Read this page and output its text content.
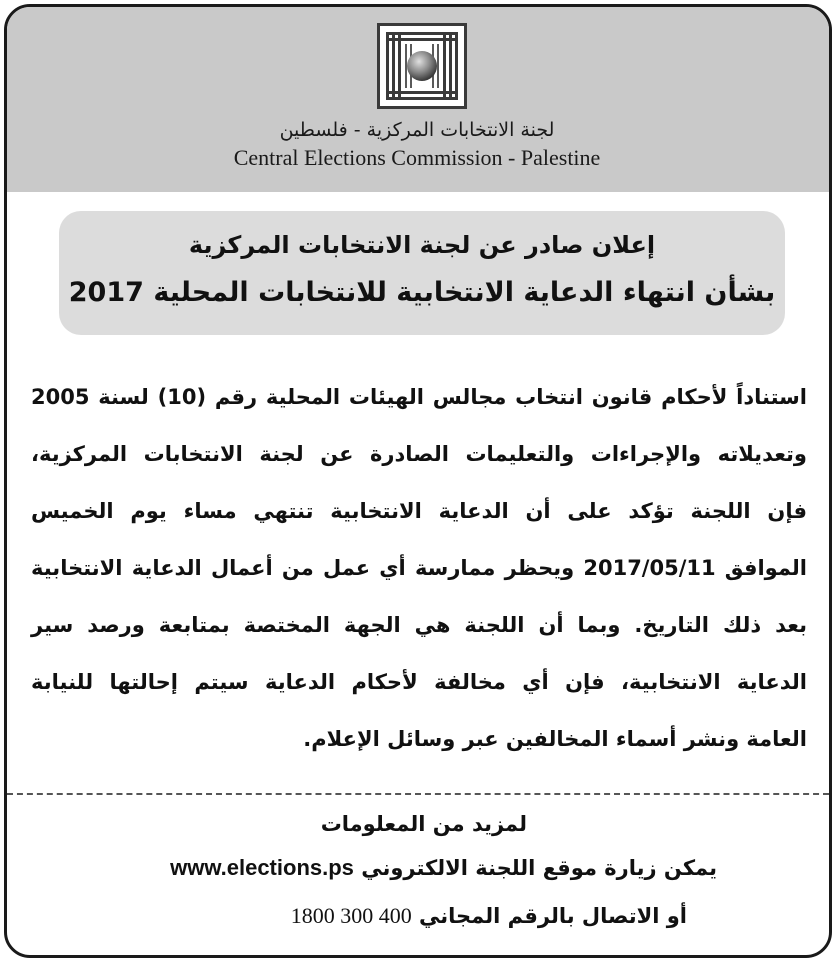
لجنة الانتخابات المركزية - فلسطين
Central Elections Commission - Palestine
إعلان صادر عن لجنة الانتخابات المركزية
بشأن انتهاء الدعاية الانتخابية للانتخابات المحلية 2017
استناداً لأحكام قانون انتخاب مجالس الهيئات المحلية رقم (10) لسنة 2005
وتعديلاته والإجراءات والتعليمات الصادرة عن لجنة الانتخابات المركزية،
فإن اللجنة تؤكد على أن الدعاية الانتخابية تنتهي مساء يوم الخميس
الموافق 2017/05/11 ويحظر ممارسة أي عمل من أعمال الدعاية الانتخابية
بعد ذلك التاريخ. وبما أن اللجنة هي الجهة المختصة بمتابعة ورصد سير
الدعاية الانتخابية، فإن أي مخالفة لأحكام الدعاية سيتم إحالتها للنيابة
العامة ونشر أسماء المخالفين عبر وسائل الإعلام.
لمزيد من المعلومات
يمكن زيارة موقع اللجنة الالكتروني www.elections.ps
أو الاتصال بالرقم المجاني 1800 300 400
